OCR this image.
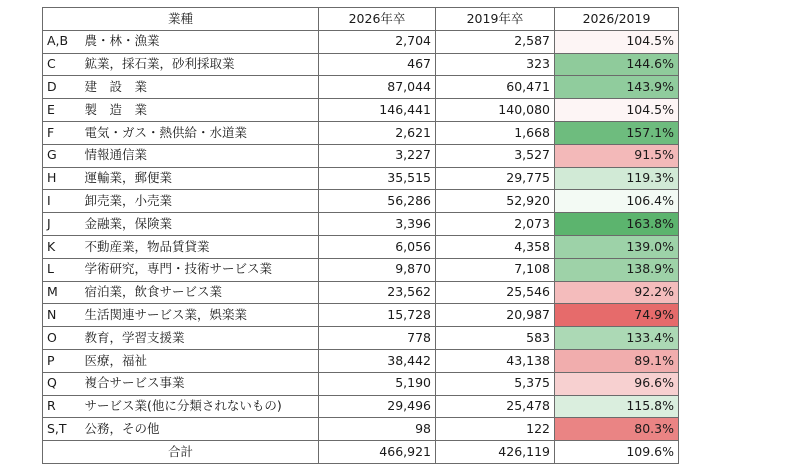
業種		2026年卒	2019年卒	2026/2019
A,B	農・林・漁業	2,704	2,587	104.5%
C	鉱業，採石業，砂利採取業	467	323	144.6%
D	建　設　業	87,044	60,471	143.9%
E	製　造　業	146,441	140,080	104.5%
F	電気・ガス・熱供給・水道業	2,621	1,668	157.1%
G	情報通信業	3,227	3,527	91.5%
H	運輸業，郵便業	35,515	29,775	119.3%
I	卸売業，小売業	56,286	52,920	106.4%
J	金融業，保険業	3,396	2,073	163.8%
K	不動産業，物品賃貸業	6,056	4,358	139.0%
L	学術研究，専門・技術サービス業	9,870	7,108	138.9%
M	宿泊業，飲食サービス業	23,562	25,546	92.2%
N	生活関連サービス業，娯楽業	15,728	20,987	74.9%
O	教育，学習支援業	778	583	133.4%
P	医療，福祉	38,442	43,138	89.1%
Q	複合サービス事業	5,190	5,375	96.6%
R	サービス業(他に分類されないもの)	29,496	25,478	115.8%
S,T	公務，その他	98	122	80.3%
合計		466,921	426,119	109.6%
